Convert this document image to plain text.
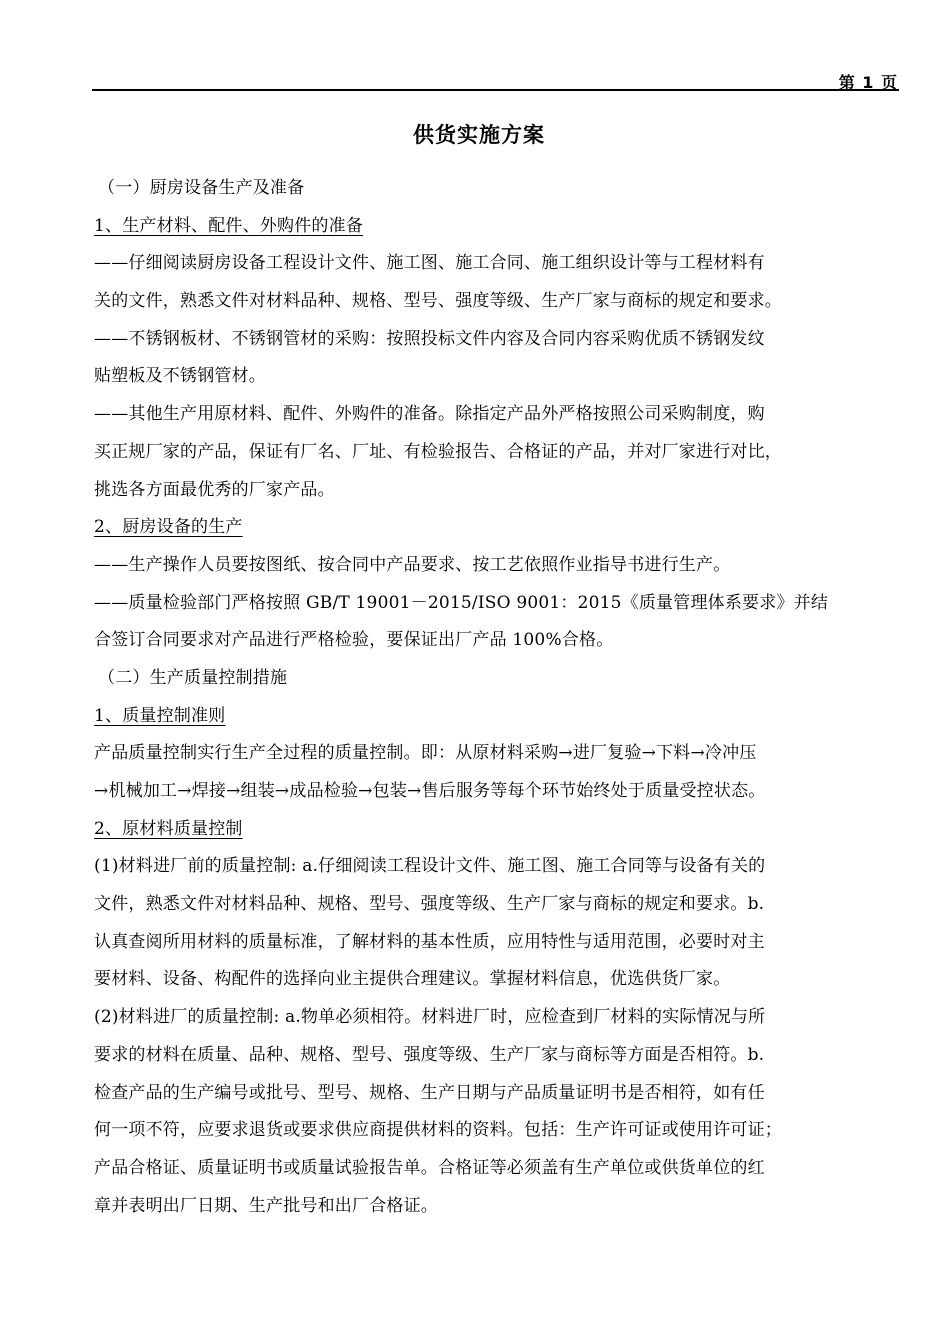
第 1 页
供货实施方案
（一）厨房设备生产及准备
1、生产材料、配件、外购件的准备
——仔细阅读厨房设备工程设计文件、施工图、施工合同、施工组织设计等与工程材料有
关的文件，熟悉文件对材料品种、规格、型号、强度等级、生产厂家与商标的规定和要求。
——不锈钢板材、不锈钢管材的采购：按照投标文件内容及合同内容采购优质不锈钢发纹
贴塑板及不锈钢管材。
——其他生产用原材料、配件、外购件的准备。除指定产品外严格按照公司采购制度，购
买正规厂家的产品，保证有厂名、厂址、有检验报告、合格证的产品，并对厂家进行对比，
挑选各方面最优秀的厂家产品。
2、厨房设备的生产
——生产操作人员要按图纸、按合同中产品要求、按工艺依照作业指导书进行生产。
——质量检验部门严格按照 GB/T 19001－2015/ISO 9001：2015《质量管理体系要求》并结
合签订合同要求对产品进行严格检验，要保证出厂产品 100%合格。
（二）生产质量控制措施
1、质量控制准则
产品质量控制实行生产全过程的质量控制。即：从原材料采购→进厂复验→下料→冷冲压
→机械加工→焊接→组装→成品检验→包装→售后服务等每个环节始终处于质量受控状态。
2、原材料质量控制
(1)材料进厂前的质量控制: a.仔细阅读工程设计文件、施工图、施工合同等与设备有关的
文件，熟悉文件对材料品种、规格、型号、强度等级、生产厂家与商标的规定和要求。b.
认真查阅所用材料的质量标准，了解材料的基本性质，应用特性与适用范围，必要时对主
要材料、设备、构配件的选择向业主提供合理建议。掌握材料信息，优选供货厂家。
(2)材料进厂的质量控制: a.物单必须相符。材料进厂时，应检查到厂材料的实际情况与所
要求的材料在质量、品种、规格、型号、强度等级、生产厂家与商标等方面是否相符。b.
检查产品的生产编号或批号、型号、规格、生产日期与产品质量证明书是否相符，如有任
何一项不符，应要求退货或要求供应商提供材料的资料。包括：生产许可证或使用许可证；
产品合格证、质量证明书或质量试验报告单。合格证等必须盖有生产单位或供货单位的红
章并表明出厂日期、生产批号和出厂合格证。
